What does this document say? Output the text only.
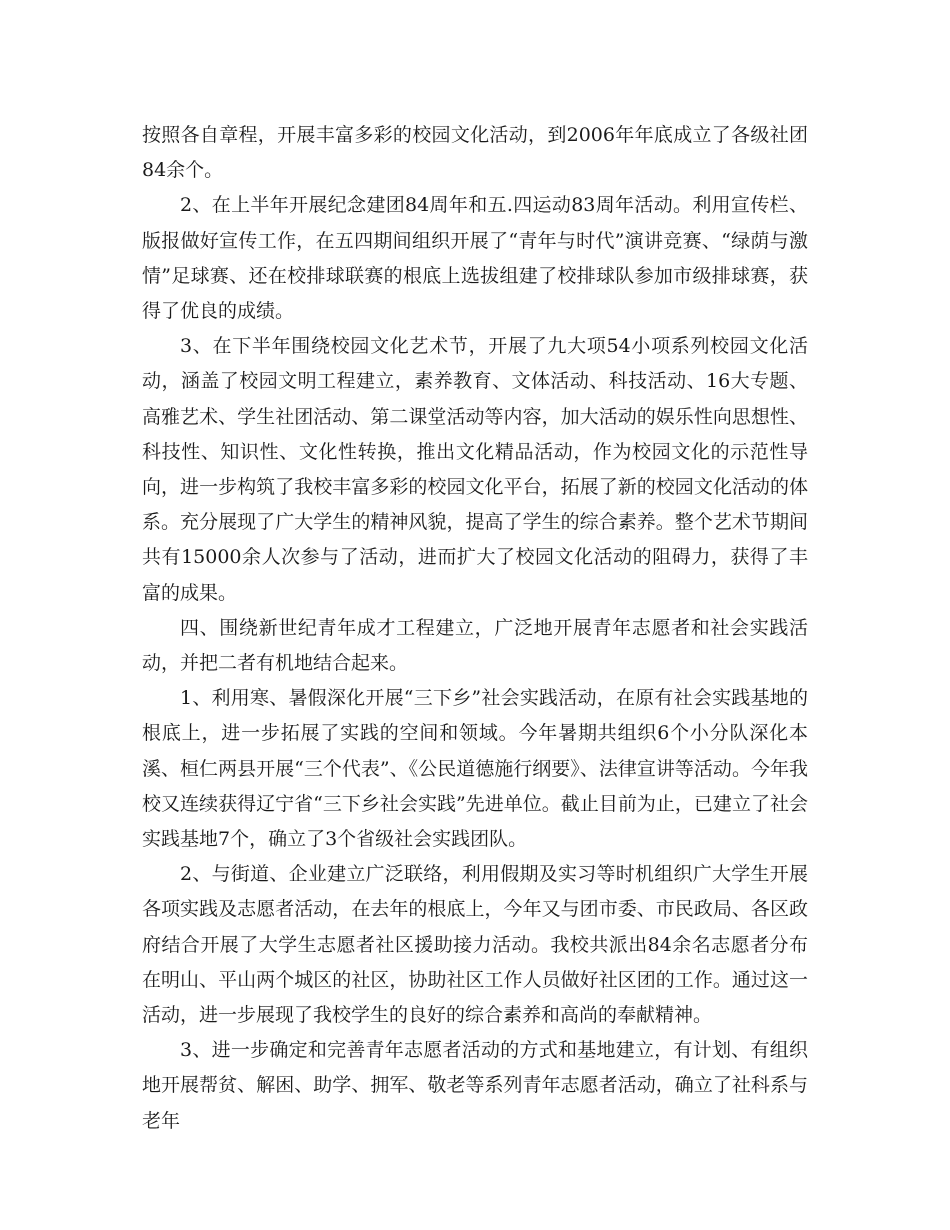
按照各自章程，开展丰富多彩的校园文化活动，到2006年年底成立了各级社团84余个。

2、在上半年开展纪念建团84周年和五.四运动83周年活动。利用宣传栏、版报做好宣传工作，在五四期间组织开展了“青年与时代”演讲竞赛、“绿荫与激情”足球赛、还在校排球联赛的根底上选拔组建了校排球队参加市级排球赛，获得了优良的成绩。

3、在下半年围绕校园文化艺术节，开展了九大项54小项系列校园文化活动，涵盖了校园文明工程建立，素养教育、文体活动、科技活动、16大专题、高雅艺术、学生社团活动、第二课堂活动等内容，加大活动的娱乐性向思想性、科技性、知识性、文化性转换，推出文化精品活动，作为校园文化的示范性导向，进一步构筑了我校丰富多彩的校园文化平台，拓展了新的校园文化活动的体系。充分展现了广大学生的精神风貌，提高了学生的综合素养。整个艺术节期间共有15000余人次参与了活动，进而扩大了校园文化活动的阻碍力，获得了丰富的成果。

四、围绕新世纪青年成才工程建立，广泛地开展青年志愿者和社会实践活动，并把二者有机地结合起来。

1、利用寒、暑假深化开展“三下乡”社会实践活动，在原有社会实践基地的根底上，进一步拓展了实践的空间和领域。今年暑期共组织6个小分队深化本溪、桓仁两县开展“三个代表”、《公民道德施行纲要》、法律宣讲等活动。今年我校又连续获得辽宁省“三下乡社会实践”先进单位。截止目前为止，已建立了社会实践基地7个，确立了3个省级社会实践团队。

2、与街道、企业建立广泛联络，利用假期及实习等时机组织广大学生开展各项实践及志愿者活动，在去年的根底上，今年又与团市委、市民政局、各区政府结合开展了大学生志愿者社区援助接力活动。我校共派出84余名志愿者分布在明山、平山两个城区的社区，协助社区工作人员做好社区团的工作。通过这一活动，进一步展现了我校学生的良好的综合素养和高尚的奉献精神。

3、进一步确定和完善青年志愿者活动的方式和基地建立，有计划、有组织地开展帮贫、解困、助学、拥军、敬老等系列青年志愿者活动，确立了社科系与老年
